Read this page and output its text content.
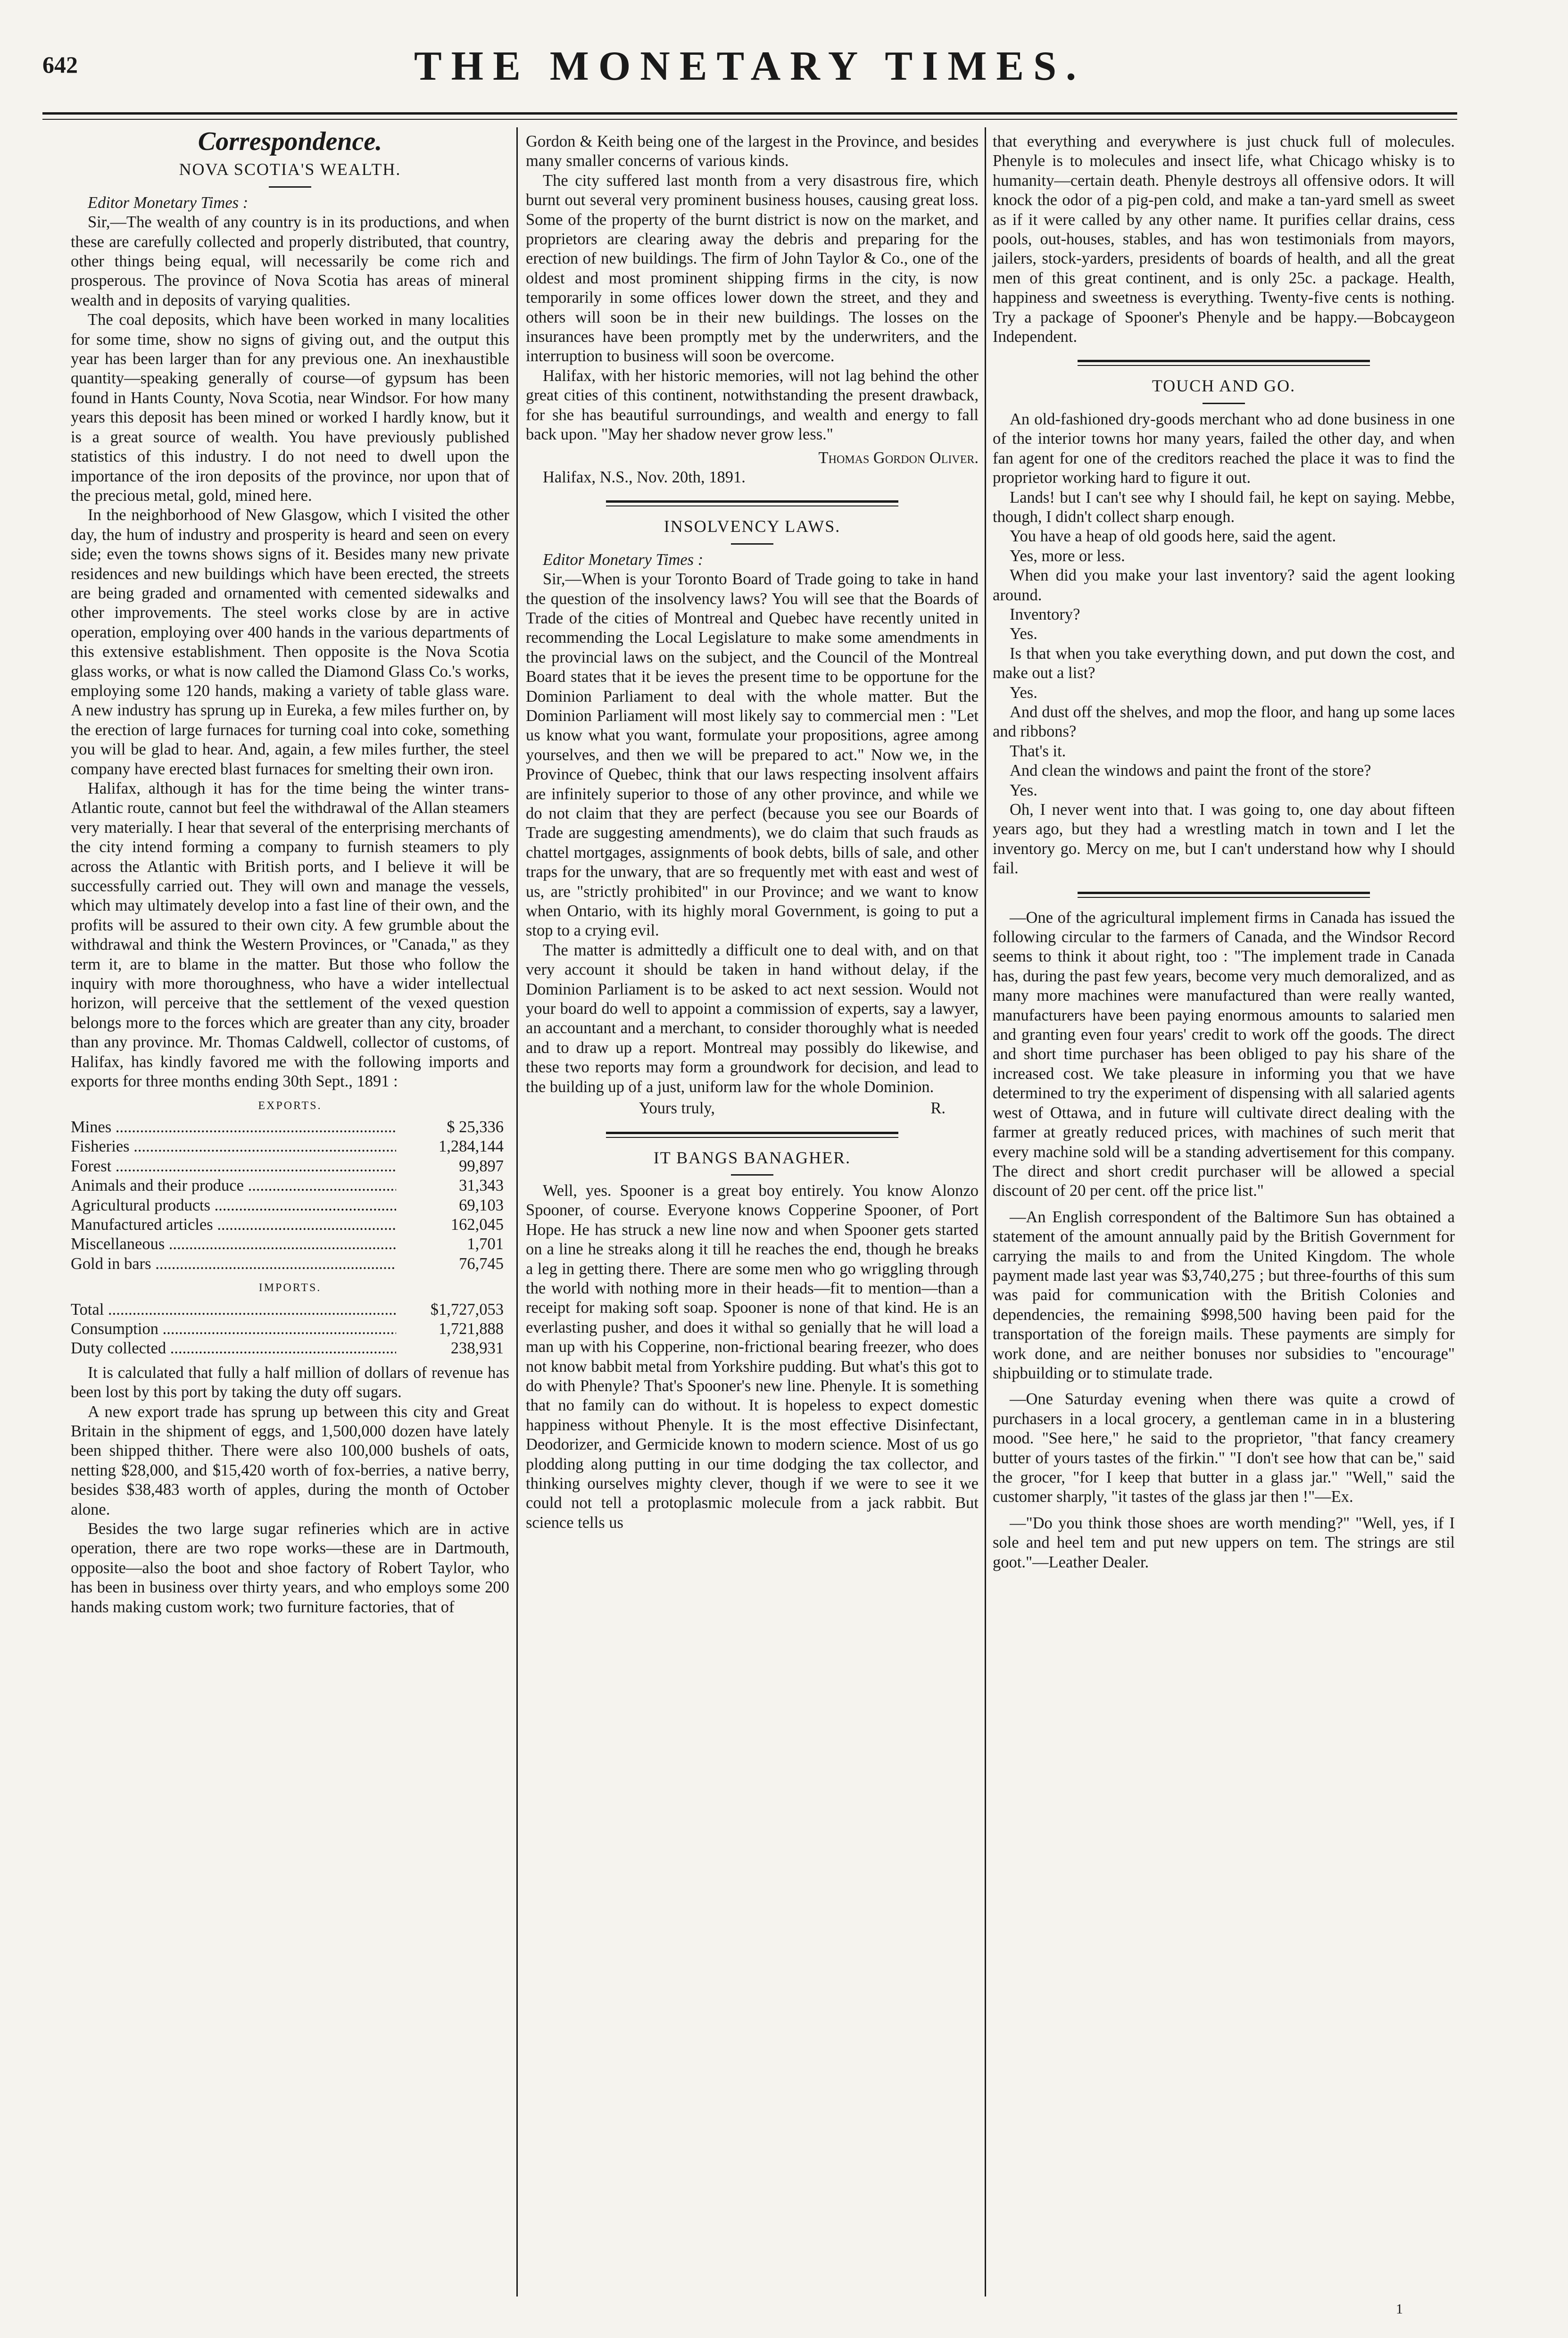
642	THE MONETARY TIMES.
Correspondence.
NOVA SCOTIA'S WEALTH.

Editor Monetary Times :

Sir,—The wealth of any country is in its productions, and when these are carefully collected and properly distributed, that country, other things being equal, will necessarily be come rich and prosperous. The province of Nova Scotia has areas of mineral wealth and in deposits of varying qualities.

The coal deposits, which have been worked in many localities for some time, show no signs of giving out, and the output this year has been larger than for any previous one. An inexhaustible quantity—speaking generally of course—of gypsum has been found in Hants County, Nova Scotia, near Windsor. For how many years this deposit has been mined or worked I hardly know, but it is a great source of wealth. You have previously published statistics of this industry. I do not need to dwell upon the importance of the iron deposits of the province, nor upon that of the precious metal, gold, mined here.

In the neighborhood of New Glasgow, which I visited the other day, the hum of industry and prosperity is heard and seen on every side; even the towns shows signs of it. Besides many new private residences and new buildings which have been erected, the streets are being graded and ornamented with cemented sidewalks and other improvements. The steel works close by are in active operation, employing over 400 hands in the various departments of this extensive establishment. Then opposite is the Nova Scotia glass works, or what is now called the Diamond Glass Co.'s works, employing some 120 hands, making a variety of table glass ware. A new industry has sprung up in Eureka, a few miles further on, by the erection of large furnaces for turning coal into coke, something you will be glad to hear. And, again, a few miles further, the steel company have erected blast furnaces for smelting their own iron.

Halifax, although it has for the time being the winter trans-Atlantic route, cannot but feel the withdrawal of the Allan steamers very materially. I hear that several of the enterprising merchants of the city intend forming a company to furnish steamers to ply across the Atlantic with British ports, and I believe it will be successfully carried out. They will own and manage the vessels, which may ultimately develop into a fast line of their own, and the profits will be assured to their own city. A few grumble about the withdrawal and think the Western Provinces, or "Canada," as they term it, are to blame in the matter. But those who follow the inquiry with more thoroughness, who have a wider intellectual horizon, will perceive that the settlement of the vexed question belongs more to the forces which are greater than any city, broader than any province. Mr. Thomas Caldwell, collector of customs, of Halifax, has kindly favored me with the following imports and exports for three months ending 30th Sept., 1891 :

EXPORTS.
Mines .....	$ 25,336
Fisheries .....	1,284,144
Forest .....	99,897
Animals and their produce .....	31,343
Agricultural products .....	69,103
Manufactured articles .....	162,045
Miscellaneous .....	1,701
Gold in bars .....	76,745
IMPORTS.
Total .....	$1,727,053
Consumption .....	1,721,888
Duty collected .....	238,931

It is calculated that fully a half million of dollars of revenue has been lost by this port by taking the duty off sugars.

A new export trade has sprung up between this city and Great Britain in the shipment of eggs, and 1,500,000 dozen have lately been shipped thither. There were also 100,000 bushels of oats, netting $28,000, and $15,420 worth of fox-berries, a native berry, besides $38,483 worth of apples, during the month of October alone.

Besides the two large sugar refineries which are in active operation, there are two rope works—these are in Dartmouth, opposite—also the boot and shoe factory of Robert Taylor, who has been in business over thirty years, and who employs some 200 hands making custom work; two furniture factories, that of

Gordon & Keith being one of the largest in the Province, and besides many smaller concerns of various kinds.

The city suffered last month from a very disastrous fire, which burnt out several very prominent business houses, causing great loss. Some of the property of the burnt district is now on the market, and proprietors are clearing away the debris and preparing for the erection of new buildings. The firm of John Taylor & Co., one of the oldest and most prominent shipping firms in the city, is now temporarily in some offices lower down the street, and they and others will soon be in their new buildings. The losses on the insurances have been promptly met by the underwriters, and the interruption to business will soon be overcome.

Halifax, with her historic memories, will not lag behind the other great cities of this continent, notwithstanding the present drawback, for she has beautiful surroundings, and wealth and energy to fall back upon. "May her shadow never grow less."

Thomas Gordon Oliver.

Halifax, N.S., Nov. 20th, 1891.

INSOLVENCY LAWS.

Editor Monetary Times :

Sir,—When is your Toronto Board of Trade going to take in hand the question of the insolvency laws? You will see that the Boards of Trade of the cities of Montreal and Quebec have recently united in recommending the Local Legislature to make some amendments in the provincial laws on the subject, and the Council of the Montreal Board states that it be ieves the present time to be opportune for the Dominion Parliament to deal with the whole matter. But the Dominion Parliament will most likely say to commercial men : "Let us know what you want, formulate your propositions, agree among yourselves, and then we will be prepared to act." Now we, in the Province of Quebec, think that our laws respecting insolvent affairs are infinitely superior to those of any other province, and while we do not claim that they are perfect (because you see our Boards of Trade are suggesting amendments), we do claim that such frauds as chattel mortgages, assignments of book debts, bills of sale, and other traps for the unwary, that are so frequently met with east and west of us, are "strictly prohibited" in our Province; and we want to know when Ontario, with its highly moral Government, is going to put a stop to a crying evil.

The matter is admittedly a difficult one to deal with, and on that very account it should be taken in hand without delay, if the Dominion Parliament is to be asked to act next session. Would not your board do well to appoint a commission of experts, say a lawyer, an accountant and a merchant, to consider thoroughly what is needed and to draw up a report. Montreal may possibly do likewise, and these two reports may form a groundwork for decision, and lead to the building up of a just, uniform law for the whole Dominion.

Yours truly,	R.
IT BANGS BANAGHER.

Well, yes. Spooner is a great boy entirely. You know Alonzo Spooner, of course. Everyone knows Copperine Spooner, of Port Hope. He has struck a new line now and when Spooner gets started on a line he streaks along it till he reaches the end, though he breaks a leg in getting there. There are some men who go wriggling through the world with nothing more in their heads—fit to mention—than a receipt for making soft soap. Spooner is none of that kind. He is an everlasting pusher, and does it withal so genially that he will load a man up with his Copperine, non-frictional bearing freezer, who does not know babbit metal from Yorkshire pudding. But what's this got to do with Phenyle? That's Spooner's new line. Phenyle. It is something that no family can do without. It is hopeless to expect domestic happiness without Phenyle. It is the most effective Disinfectant, Deodorizer, and Germicide known to modern science. Most of us go plodding along putting in our time dodging the tax collector, and thinking ourselves mighty clever, though if we were to see it we could not tell a protoplasmic molecule from a jack rabbit. But science tells us

that everything and everywhere is just chuck full of molecules. Phenyle is to molecules and insect life, what Chicago whisky is to humanity—certain death. Phenyle destroys all offensive odors. It will knock the odor of a pig-pen cold, and make a tan-yard smell as sweet as if it were called by any other name. It purifies cellar drains, cess pools, out-houses, stables, and has won testimonials from mayors, jailers, stock-yarders, presidents of boards of health, and all the great men of this great continent, and is only 25c. a package. Health, happiness and sweetness is everything. Twenty-five cents is nothing. Try a package of Spooner's Phenyle and be happy.—Bobcaygeon Independent.

TOUCH AND GO.

An old-fashioned dry-goods merchant who ad done business in one of the interior towns hor many years, failed the other day, and when fan agent for one of the creditors reached the place it was to find the proprietor working hard to figure it out.

Lands! but I can't see why I should fail, he kept on saying. Mebbe, though, I didn't collect sharp enough.

You have a heap of old goods here, said the agent.

Yes, more or less.

When did you make your last inventory? said the agent looking around.

Inventory?

Yes.

Is that when you take everything down, and put down the cost, and make out a list?

Yes.

And dust off the shelves, and mop the floor, and hang up some laces and ribbons?

That's it.

And clean the windows and paint the front of the store?

Yes.

Oh, I never went into that. I was going to, one day about fifteen years ago, but they had a wrestling match in town and I let the inventory go. Mercy on me, but I can't understand how why I should fail.

—One of the agricultural implement firms in Canada has issued the following circular to the farmers of Canada, and the Windsor Record seems to think it about right, too : "The implement trade in Canada has, during the past few years, become very much demoralized, and as many more machines were manufactured than were really wanted, manufacturers have been paying enormous amounts to salaried men and granting even four years' credit to work off the goods. The direct and short time purchaser has been obliged to pay his share of the increased cost. We take pleasure in informing you that we have determined to try the experiment of dispensing with all salaried agents west of Ottawa, and in future will cultivate direct dealing with the farmer at greatly reduced prices, with machines of such merit that every machine sold will be a standing advertisement for this company. The direct and short credit purchaser will be allowed a special discount of 20 per cent. off the price list."

—An English correspondent of the Baltimore Sun has obtained a statement of the amount annually paid by the British Government for carrying the mails to and from the United Kingdom. The whole payment made last year was $3,740,275 ; but three-fourths of this sum was paid for communication with the British Colonies and dependencies, the remaining $998,500 having been paid for the transportation of the foreign mails. These payments are simply for work done, and are neither bonuses nor subsidies to "encourage" shipbuilding or to stimulate trade.

—One Saturday evening when there was quite a crowd of purchasers in a local grocery, a gentleman came in in a blustering mood. "See here," he said to the proprietor, "that fancy creamery butter of yours tastes of the firkin." "I don't see how that can be," said the grocer, "for I keep that butter in a glass jar." "Well," said the customer sharply, "it tastes of the glass jar then !"—Ex.

—"Do you think those shoes are worth mending?" "Well, yes, if I sole and heel tem and put new uppers on tem. The strings are stil goot."—Leather Dealer.

1
